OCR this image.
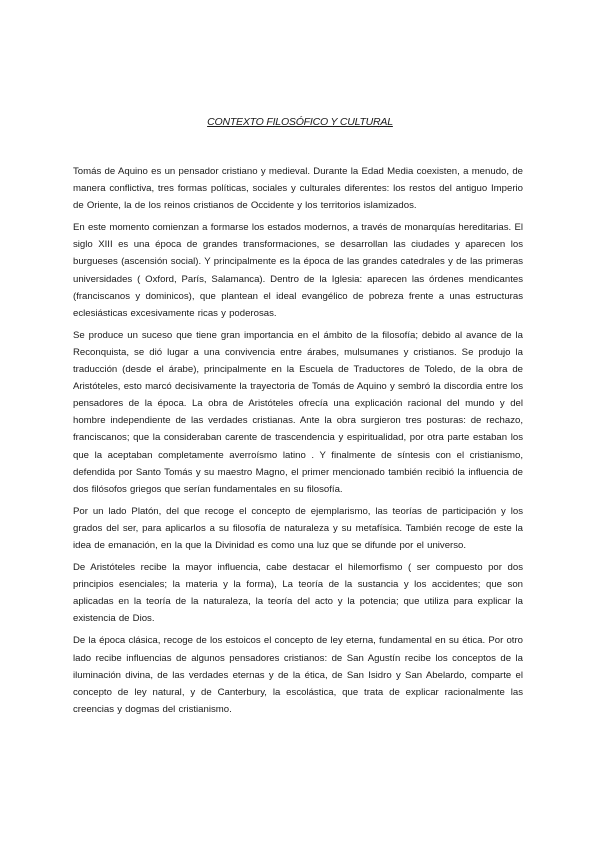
CONTEXTO FILOSÓFICO Y CULTURAL

Tomás de Aquino es un pensador cristiano y medieval. Durante la Edad Media coexisten, a menudo, de manera conflictiva, tres formas políticas, sociales y culturales diferentes: los restos del antiguo Imperio de Oriente, la de los reinos cristianos de Occidente y los territorios islamizados.

En este momento comienzan a formarse los estados modernos, a través de monarquías hereditarias. El siglo XIII es una época de grandes transformaciones, se desarrollan las ciudades y aparecen los burgueses (ascensión social). Y principalmente es la época de las grandes catedrales y de las primeras universidades ( Oxford, París, Salamanca). Dentro de la Iglesia: aparecen las órdenes mendicantes (franciscanos y dominicos), que plantean el ideal evangélico de pobreza frente a unas estructuras eclesiásticas excesivamente ricas y poderosas.

Se produce un suceso que tiene gran importancia en el ámbito de la filosofía; debido al avance de la Reconquista, se dió lugar a una convivencia entre árabes, mulsumanes y cristianos. Se produjo la traducción (desde el árabe), principalmente en la Escuela de Traductores de Toledo, de la obra de Aristóteles, esto marcó decisivamente la trayectoria de Tomás de Aquino y sembró la discordia entre los pensadores de la época. La obra de Aristóteles ofrecía una explicación racional del mundo y del hombre independiente de las verdades cristianas. Ante la obra surgieron tres posturas: de rechazo, franciscanos; que la consideraban carente de trascendencia y espiritualidad, por otra parte estaban los que la aceptaban completamente averroísmo latino . Y finalmente de síntesis con el cristianismo, defendida por Santo Tomás y su maestro Magno, el primer mencionado también recibió la influencia de dos filósofos griegos que serían fundamentales en su filosofía.

Por un lado Platón, del que recoge el concepto de ejemplarismo, las teorías de participación y los grados del ser, para aplicarlos a su filosofía de naturaleza y su metafísica. También recoge de este la idea de emanación, en la que la Divinidad es como una luz que se difunde por el universo.

De Aristóteles recibe la mayor influencia, cabe destacar el hilemorfismo ( ser compuesto por dos principios esenciales; la materia y la forma), La teoría de la sustancia y los accidentes; que son aplicadas en la teoría de la naturaleza, la teoría del acto y la potencia; que utiliza para explicar la existencia de Dios.

De la época clásica, recoge de los estoicos el concepto de ley eterna, fundamental en su ética. Por otro lado recibe influencias de algunos pensadores cristianos: de San Agustín recibe los conceptos de la iluminación divina, de las verdades eternas y de la ética, de San Isidro y San Abelardo, comparte el concepto de ley natural, y de Canterbury, la escolástica, que trata de explicar racionalmente las creencias y dogmas del cristianismo.
